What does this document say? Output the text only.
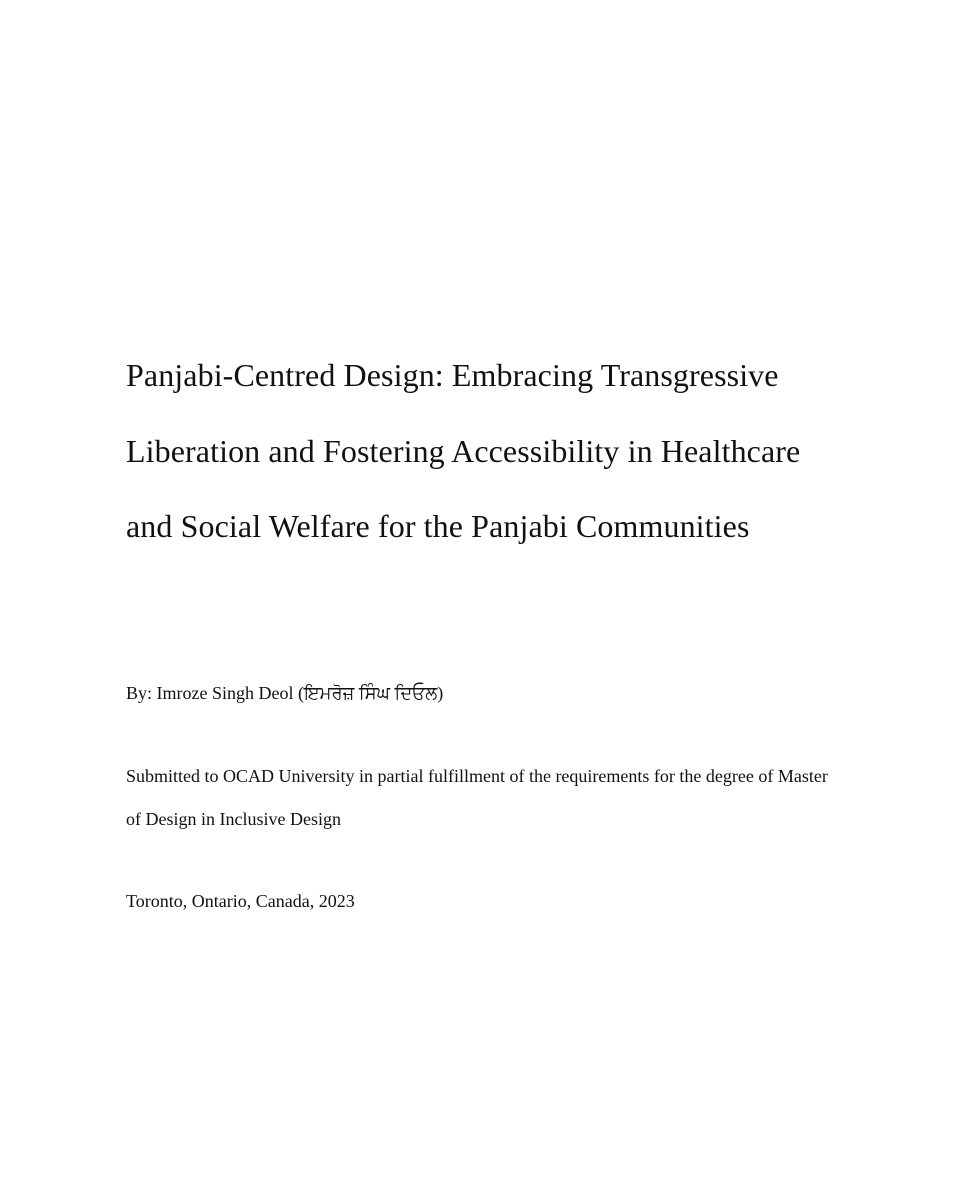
Panjabi-Centred Design: Embracing Transgressive
Liberation and Fostering Accessibility in Healthcare
and Social Welfare for the Panjabi Communities
By: Imroze Singh Deol (ਇਮਰੋਜ਼ ਸਿੰਘ ਦਿਓਲ)
Submitted to OCAD University in partial fulfillment of the requirements for the degree of Master
of Design in Inclusive Design
Toronto, Ontario, Canada, 2023
